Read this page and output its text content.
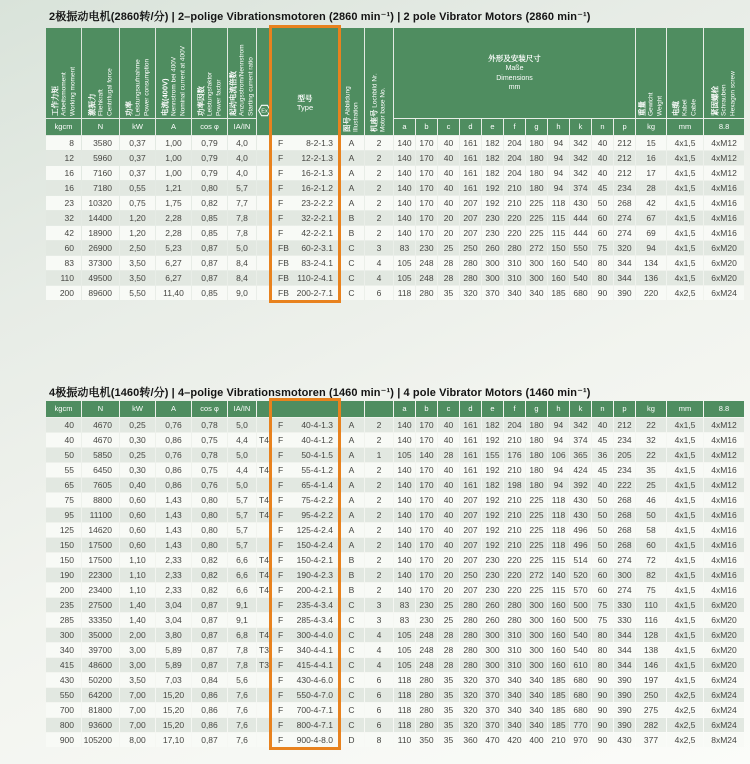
2极振动电机(2860转/分) | 2–polige Vibrationsmotoren (2860 min⁻¹) | 2 pole Vibrator Motors (2860 min⁻¹)
工作力矩
Arbeitsmoment
Working moment	激振力
Fliehkraft
Centrifugal force	功率
Leistungsaufnahme
Power consumption	电流(400V)
Nennstrom bei 400V
Nominal current at 400V	功率因数
Leistungsfaktor
Power factor	起动电流倍数
Anzugsstrom/Nennstrom
Starting current ratio	Ex	型号
Type	图号 Abbildung
Illustration	机座号 Lochbild Nr.
Motor base No.	外形及安装尺寸
Maße
Dimensions
mm											重量
Gewicht
Weight	电缆
Kabel
Cable	紧固螺栓
Schrauben
Hexagon screw

kgcm	N	kW	A	cos φ	IA/IN					a	b	c	d	e	f	g	h	k	n	p	kg	mm	8.8
8	3580	0,37	1,00	0,79	4,0		F 8-2-1.3	A	2	140	170	40	161	182	204	180	94	342	40	212	15	4x1,5	4xM12
12	5960	0,37	1,00	0,79	4,0		F 12-2-1.3	A	2	140	170	40	161	182	204	180	94	342	40	212	16	4x1,5	4xM12
16	7160	0,37	1,00	0,79	4,0		F 16-2-1.3	A	2	140	170	40	161	182	204	180	94	342	40	212	17	4x1,5	4xM12
16	7180	0,55	1,21	0,80	5,7		F 16-2-1.2	A	2	140	170	40	161	192	210	180	94	374	45	234	28	4x1,5	4xM16
23	10320	0,75	1,75	0,82	7,7		F 23-2-2.2	A	2	140	170	40	207	192	210	225	118	430	50	268	42	4x1,5	4xM16
32	14400	1,20	2,28	0,85	7,8		F 32-2-2.1	B	2	140	170	20	207	230	220	225	115	444	60	274	67	4x1,5	4xM16
42	18900	1,20	2,28	0,85	7,8		F 42-2-2.1	B	2	140	170	20	207	230	220	225	115	444	60	274	69	4x1,5	4xM16
60	26900	2,50	5,23	0,87	5,0		FB 60-2-3.1	C	3	83	230	25	250	260	280	272	150	550	75	320	94	4x1,5	6xM20
83	37300	3,50	6,27	0,87	8,4		FB 83-2-4.1	C	4	105	248	28	280	300	310	300	160	540	80	344	134	4x1,5	6xM20
110	49500	3,50	6,27	0,87	8,4		FB 110-2-4.1	C	4	105	248	28	280	300	310	300	160	540	80	344	136	4x1,5	6xM20
200	89600	5,50	11,40	0,85	9,0		FB 200-2-7.1	C	6	118	280	35	320	370	340	340	185	680	90	390	220	4x2,5	6xM24
4极振动电机(1460转/分) | 4–polige Vibrationsmotoren (1460 min⁻¹) | 4 pole Vibrator Motors (1460 min⁻¹)
kgcm	N	kW	A	cos φ	IA/IN					a	b	c	d	e	f	g	h	k	n	p	kg	mm	8.8
40	4670	0,25	0,76	0,78	5,0		F 40-4-1.3	A	2	140	170	40	161	182	204	180	94	342	40	212	22	4x1,5	4xM12
40	4670	0,30	0,86	0,75	4,4	T4	F 40-4-1.2	A	2	140	170	40	161	192	210	180	94	374	45	234	32	4x1,5	4xM16
50	5850	0,25	0,76	0,78	5,0		F 50-4-1.5	A	1	105	140	28	161	155	176	180	106	365	36	205	22	4x1,5	4xM12
55	6450	0,30	0,86	0,75	4,4	T4	F 55-4-1.2	A	2	140	170	40	161	192	210	180	94	424	45	234	35	4x1,5	4xM16
65	7605	0,40	0,86	0,76	5,0		F 65-4-1.4	A	2	140	170	40	161	182	198	180	94	392	40	222	25	4x1,5	4xM12
75	8800	0,60	1,43	0,80	5,7	T4	F 75-4-2.2	A	2	140	170	40	207	192	210	225	118	430	50	268	46	4x1,5	4xM16
95	11100	0,60	1,43	0,80	5,7	T4	F 95-4-2.2	A	2	140	170	40	207	192	210	225	118	430	50	268	50	4x1,5	4xM16
125	14620	0,60	1,43	0,80	5,7		F 125-4-2.4	A	2	140	170	40	207	192	210	225	118	496	50	268	58	4x1,5	4xM16
150	17500	0,60	1,43	0,80	5,7		F 150-4-2.4	A	2	140	170	40	207	192	210	225	118	496	50	268	60	4x1,5	4xM16
150	17500	1,10	2,33	0,82	6,6	T4	F 150-4-2.1	B	2	140	170	20	207	230	220	225	115	514	60	274	72	4x1,5	4xM16
190	22300	1,10	2,33	0,82	6,6	T4	F 190-4-2.3	B	2	140	170	20	250	230	220	272	140	520	60	300	82	4x1,5	4xM16
200	23400	1,10	2,33	0,82	6,6	T4	F 200-4-2.1	B	2	140	170	20	207	230	220	225	115	570	60	274	75	4x1,5	4xM16
235	27500	1,40	3,04	0,87	9,1		F 235-4-3.4	C	3	83	230	25	280	260	280	300	160	500	75	330	110	4x1,5	6xM20
285	33350	1,40	3,04	0,87	9,1		F 285-4-3.4	C	3	83	230	25	280	260	280	300	160	500	75	330	116	4x1,5	6xM20
300	35000	2,00	3,80	0,87	6,8	T4	F 300-4-4.0	C	4	105	248	28	280	300	310	300	160	540	80	344	128	4x1,5	6xM20
340	39700	3,00	5,89	0,87	7,8	T3	F 340-4-4.1	C	4	105	248	28	280	300	310	300	160	540	80	344	138	4x1,5	6xM20
415	48600	3,00	5,89	0,87	7,8	T3	F 415-4-4.1	C	4	105	248	28	280	300	310	300	160	610	80	344	146	4x1,5	6xM20
430	50200	3,50	7,03	0,84	5,6		F 430-4-6.0	C	6	118	280	35	320	370	340	340	185	680	90	390	197	4x1,5	6xM24
550	64200	7,00	15,20	0,86	7,6		F 550-4-7.0	C	6	118	280	35	320	370	340	340	185	680	90	390	250	4x2,5	6xM24
700	81800	7,00	15,20	0,86	7,6		F 700-4-7.1	C	6	118	280	35	320	370	340	340	185	680	90	390	275	4x2,5	6xM24
800	93600	7,00	15,20	0,86	7,6		F 800-4-7.1	C	6	118	280	35	320	370	340	340	185	770	90	390	282	4x2,5	6xM24
900	105200	8,00	17,10	0,87	7,6		F 900-4-8.0	D	8	110	350	35	360	470	420	400	210	970	90	430	377	4x2,5	8xM24
